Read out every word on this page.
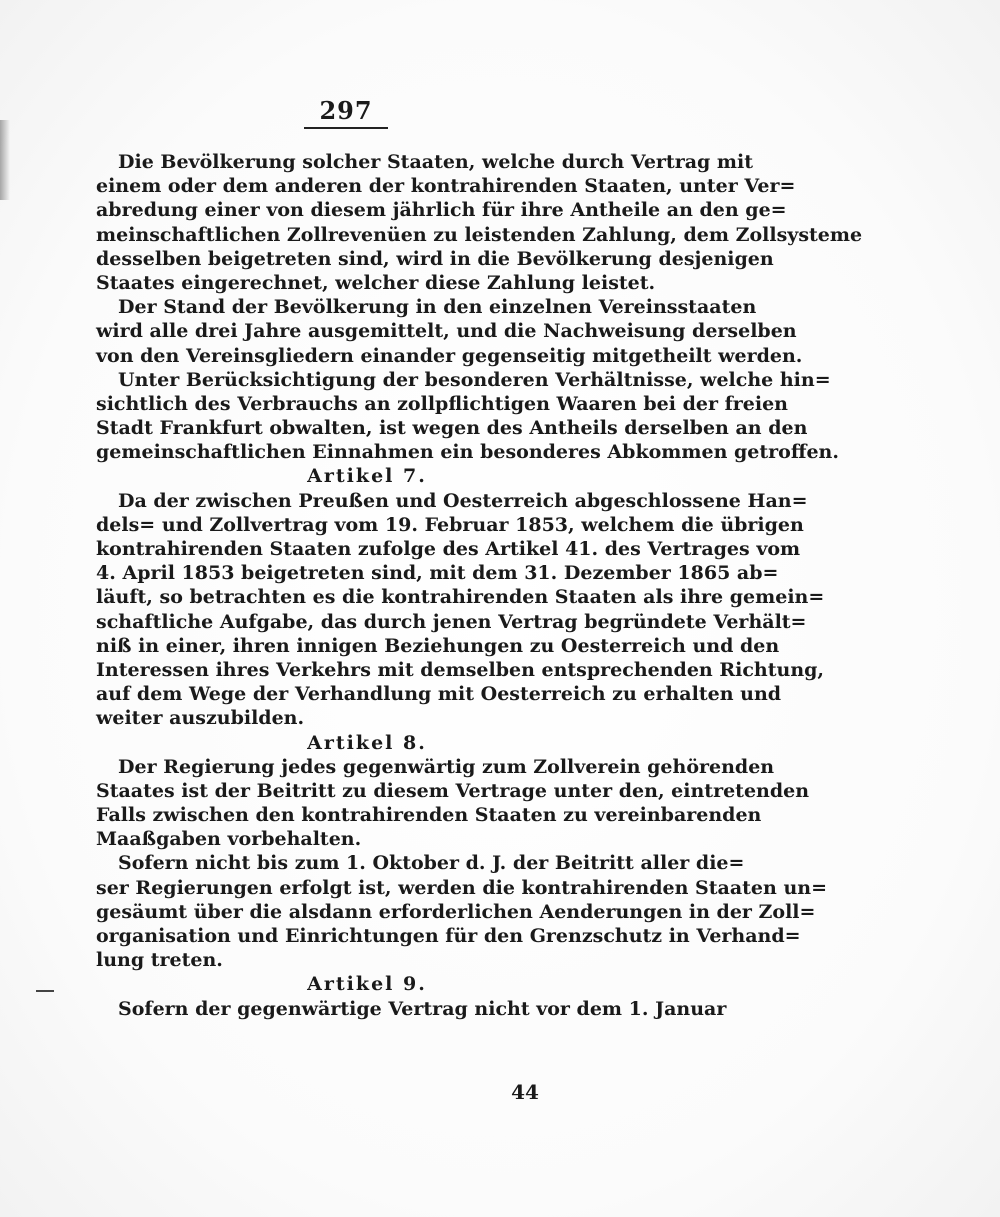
297
Die Bevölkerung solcher Staaten, welche durch Vertrag mit
einem oder dem anderen der kontrahirenden Staaten, unter Ver=
abredung einer von diesem jährlich für ihre Antheile an den ge=
meinschaftlichen Zollrevenüen zu leistenden Zahlung, dem Zollsysteme
desselben beigetreten sind, wird in die Bevölkerung desjenigen
Staates eingerechnet, welcher diese Zahlung leistet.
Der Stand der Bevölkerung in den einzelnen Vereinsstaaten
wird alle drei Jahre ausgemittelt, und die Nachweisung derselben
von den Vereinsgliedern einander gegenseitig mitgetheilt werden.
Unter Berücksichtigung der besonderen Verhältnisse, welche hin=
sichtlich des Verbrauchs an zollpflichtigen Waaren bei der freien
Stadt Frankfurt obwalten, ist wegen des Antheils derselben an den
gemeinschaftlichen Einnahmen ein besonderes Abkommen getroffen.
Artikel 7.
Da der zwischen Preußen und Oesterreich abgeschlossene Han=
dels= und Zollvertrag vom 19. Februar 1853, welchem die übrigen
kontrahirenden Staaten zufolge des Artikel 41. des Vertrages vom
4. April 1853 beigetreten sind, mit dem 31. Dezember 1865 ab=
läuft, so betrachten es die kontrahirenden Staaten als ihre gemein=
schaftliche Aufgabe, das durch jenen Vertrag begründete Verhält=
niß in einer, ihren innigen Beziehungen zu Oesterreich und den
Interessen ihres Verkehrs mit demselben entsprechenden Richtung,
auf dem Wege der Verhandlung mit Oesterreich zu erhalten und
weiter auszubilden.
Artikel 8.
Der Regierung jedes gegenwärtig zum Zollverein gehörenden
Staates ist der Beitritt zu diesem Vertrage unter den, eintretenden
Falls zwischen den kontrahirenden Staaten zu vereinbarenden
Maaßgaben vorbehalten.
Sofern nicht bis zum 1. Oktober d. J. der Beitritt aller die=
ser Regierungen erfolgt ist, werden die kontrahirenden Staaten un=
gesäumt über die alsdann erforderlichen Aenderungen in der Zoll=
organisation und Einrichtungen für den Grenzschutz in Verhand=
lung treten.
Artikel 9.
Sofern der gegenwärtige Vertrag nicht vor dem 1. Januar
44
